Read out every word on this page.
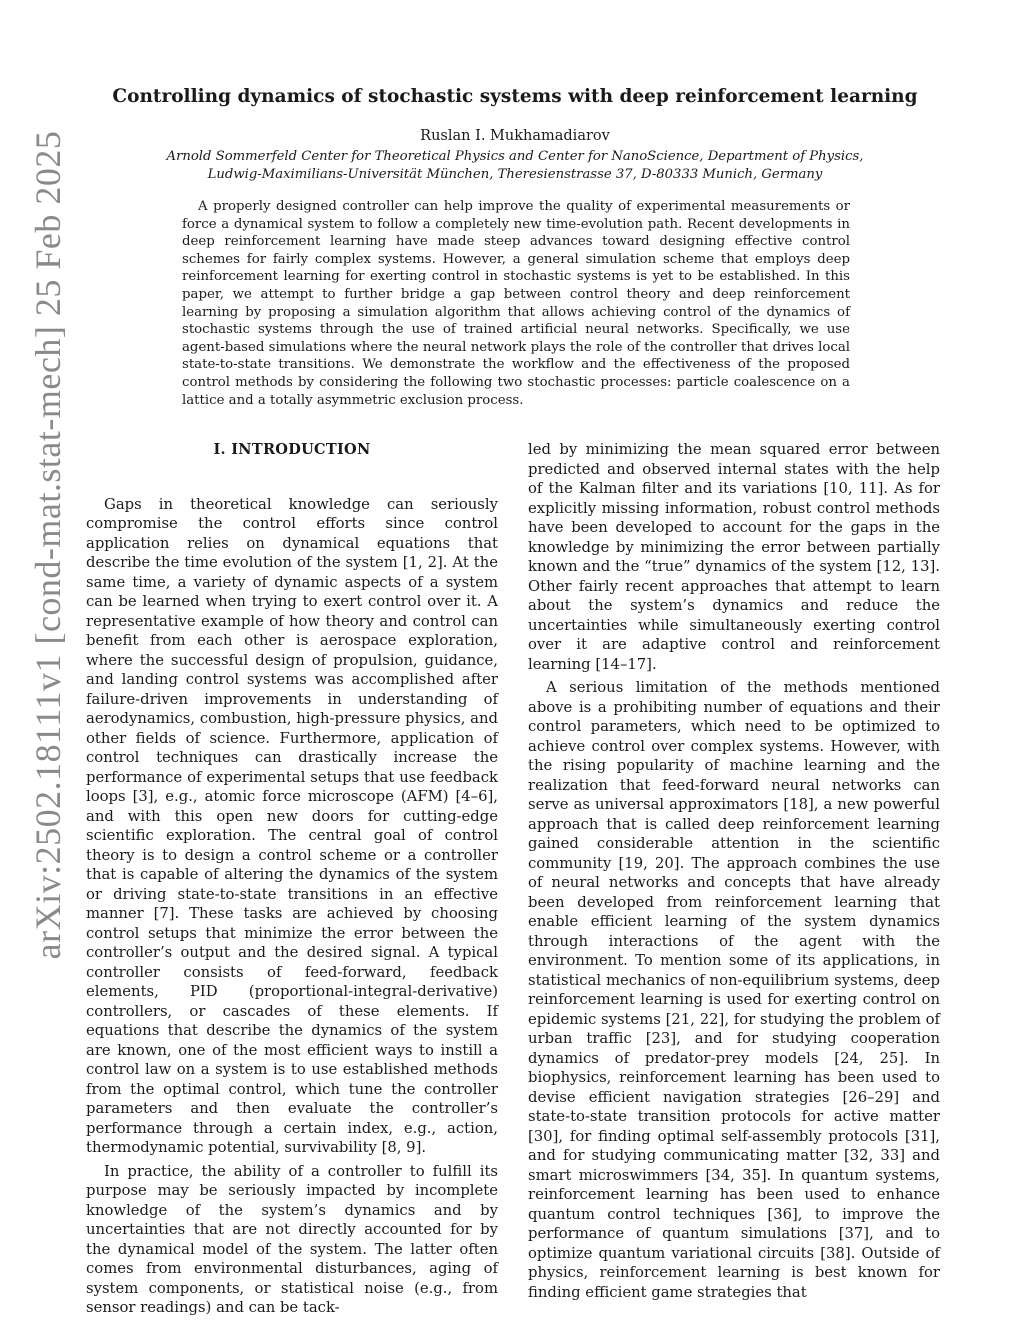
arXiv:2502.18111v1 [cond-mat.stat-mech] 25 Feb 2025
Controlling dynamics of stochastic systems with deep reinforcement learning
Ruslan I. Mukhamadiarov
Arnold Sommerfeld Center for Theoretical Physics and Center for NanoScience, Department of Physics,
Ludwig-Maximilians-Universität München, Theresienstrasse 37, D-80333 Munich, Germany

A properly designed controller can help improve the quality of experimental measurements or force a dynamical system to follow a completely new time-evolution path. Recent developments in deep reinforcement learning have made steep advances toward designing effective control schemes for fairly complex systems. However, a general simulation scheme that employs deep reinforcement learning for exerting control in stochastic systems is yet to be established. In this paper, we attempt to further bridge a gap between control theory and deep reinforcement learning by proposing a simulation algorithm that allows achieving control of the dynamics of stochastic systems through the use of trained artificial neural networks. Specifically, we use agent-based simulations where the neural network plays the role of the controller that drives local state-to-state transitions. We demonstrate the workflow and the effectiveness of the proposed control methods by considering the following two stochastic processes: particle coalescence on a lattice and a totally asymmetric exclusion process.

I. INTRODUCTION

Gaps in theoretical knowledge can seriously compromise the control efforts since control application relies on dynamical equations that describe the time evolution of the system [1, 2]. At the same time, a variety of dynamic aspects of a system can be learned when trying to exert control over it. A representative example of how theory and control can benefit from each other is aerospace exploration, where the successful design of propulsion, guidance, and landing control systems was accomplished after failure-driven improvements in understanding of aerodynamics, combustion, high-pressure physics, and other fields of science. Furthermore, application of control techniques can drastically increase the performance of experimental setups that use feedback loops [3], e.g., atomic force microscope (AFM) [4–6], and with this open new doors for cutting-edge scientific exploration. The central goal of control theory is to design a control scheme or a controller that is capable of altering the dynamics of the system or driving state-to-state transitions in an effective manner [7]. These tasks are achieved by choosing control setups that minimize the error between the controller’s output and the desired signal. A typical controller consists of feed-forward, feedback elements, PID (proportional-integral-derivative) controllers, or cascades of these elements. If equations that describe the dynamics of the system are known, one of the most efficient ways to instill a control law on a system is to use established methods from the optimal control, which tune the controller parameters and then evaluate the controller’s performance through a certain index, e.g., action, thermodynamic potential, survivability [8, 9].

In practice, the ability of a controller to fulfill its purpose may be seriously impacted by incomplete knowledge of the system’s dynamics and by uncertainties that are not directly accounted for by the dynamical model of the system. The latter often comes from environmental disturbances, aging of system components, or statistical noise (e.g., from sensor readings) and can be tack-

led by minimizing the mean squared error between predicted and observed internal states with the help of the Kalman filter and its variations [10, 11]. As for explicitly missing information, robust control methods have been developed to account for the gaps in the knowledge by minimizing the error between partially known and the “true” dynamics of the system [12, 13]. Other fairly recent approaches that attempt to learn about the system’s dynamics and reduce the uncertainties while simultaneously exerting control over it are adaptive control and reinforcement learning [14–17].

A serious limitation of the methods mentioned above is a prohibiting number of equations and their control parameters, which need to be optimized to achieve control over complex systems. However, with the rising popularity of machine learning and the realization that feed-forward neural networks can serve as universal approximators [18], a new powerful approach that is called deep reinforcement learning gained considerable attention in the scientific community [19, 20]. The approach combines the use of neural networks and concepts that have already been developed from reinforcement learning that enable efficient learning of the system dynamics through interactions of the agent with the environment. To mention some of its applications, in statistical mechanics of non-equilibrium systems, deep reinforcement learning is used for exerting control on epidemic systems [21, 22], for studying the problem of urban traffic [23], and for studying cooperation dynamics of predator-prey models [24, 25]. In biophysics, reinforcement learning has been used to devise efficient navigation strategies [26–29] and state-to-state transition protocols for active matter [30], for finding optimal self-assembly protocols [31], and for studying communicating matter [32, 33] and smart microswimmers [34, 35]. In quantum systems, reinforcement learning has been used to enhance quantum control techniques [36], to improve the performance of quantum simulations [37], and to optimize quantum variational circuits [38]. Outside of physics, reinforcement learning is best known for finding efficient game strategies that
